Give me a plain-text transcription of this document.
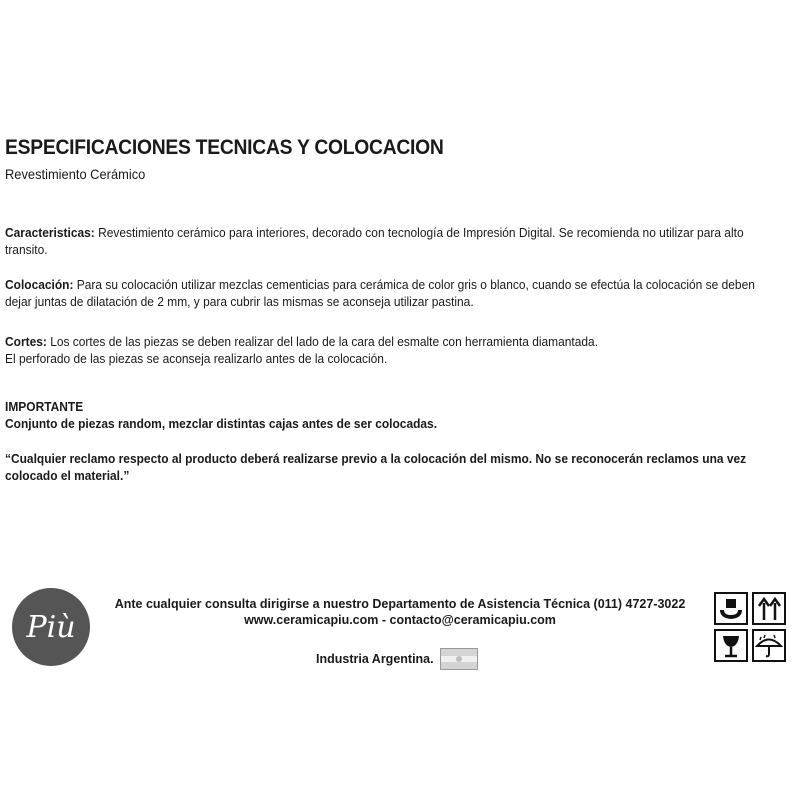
ESPECIFICACIONES TECNICAS Y COLOCACION
Revestimiento Cerámico
Caracteristicas: Revestimiento cerámico para interiores, decorado con tecnología de Impresión Digital. Se recomienda no utilizar para alto transito.
Colocación: Para su colocación utilizar mezclas cementicias para cerámica de color gris o blanco, cuando se efectúa la colocación se deben dejar juntas de dilatación de 2 mm, y para cubrir las mismas se aconseja utilizar pastina.
Cortes: Los cortes de las piezas se deben realizar del lado de la cara del esmalte con herramienta diamantada.
El perforado de las piezas se aconseja realizarlo antes de la colocación.
IMPORTANTE
Conjunto de piezas random, mezclar distintas cajas antes de ser colocadas.
“Cualquier reclamo respecto al producto deberá realizarse previo a la colocación del mismo. No se reconocerán reclamos una vez colocado el material.”
Più
Ante cualquier consulta dirigirse a nuestro Departamento de Asistencia Técnica (011) 4727-3022
www.ceramicapiu.com - contacto@ceramicapiu.com
Industria Argentina.
